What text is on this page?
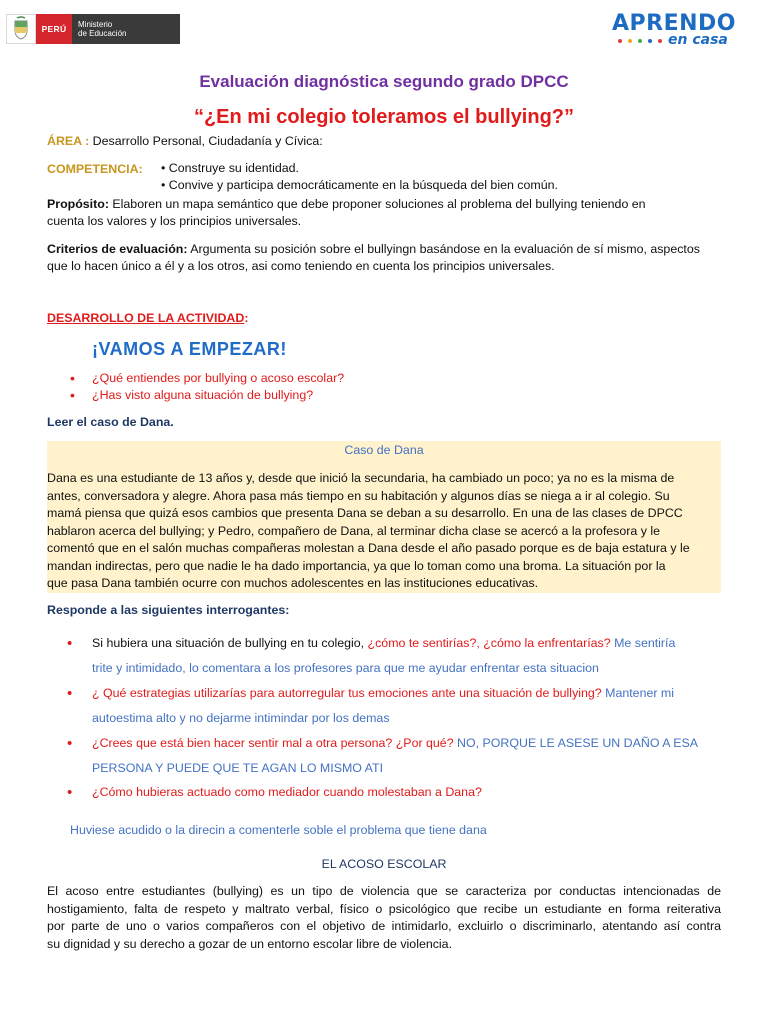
PERÚ	Ministerio
de Educación	APRENDO
en casa
Evaluación diagnóstica segundo grado DPCC
“¿En mi colegio toleramos el bullying?”
ÁREA : Desarrollo Personal, Ciudadanía y Cívica:
COMPETENCIA:	• Construye su identidad.
• Convive y participa democráticamente en la búsqueda del bien común.
Propósito: Elaboren un mapa semántico que debe proponer soluciones al problema del bullying teniendo en
cuenta los valores y los principios universales.
Criterios de evaluación: Argumenta su posición sobre el bullyingn basándose en la evaluación de sí mismo, aspectos
que lo hacen único a él y a los otros, asi como teniendo en cuenta los principios universales.
DESARROLLO DE LA ACTIVIDAD:
¡VAMOS A EMPEZAR!
• ¿Qué entiendes por bullying o acoso escolar?
• ¿Has visto alguna situación de bullying?
Leer el caso de Dana.
Caso de Dana
Dana es una estudiante de 13 años y, desde que inició la secundaria, ha cambiado un poco; ya no es la misma de
antes, conversadora y alegre. Ahora pasa más tiempo en su habitación y algunos días se niega a ir al colegio. Su
mamá piensa que quizá esos cambios que presenta Dana se deban a su desarrollo. En una de las clases de DPCC
hablaron acerca del bullying; y Pedro, compañero de Dana, al terminar dicha clase se acercó a la profesora y le
comentó que en el salón muchas compañeras molestan a Dana desde el año pasado porque es de baja estatura y le
mandan indirectas, pero que nadie le ha dado importancia, ya que lo toman como una broma. La situación por la
que pasa Dana también ocurre con muchos adolescentes en las instituciones educativas.
Responde a las siguientes interrogantes:
•	Si hubiera una situación de bullying en tu colegio, ¿cómo te sentirías?, ¿cómo la enfrentarías? Me sentiría
trite y intimidado, lo comentara a los profesores para que me ayudar enfrentar esta situacion
•	¿ Qué estrategias utilizarías para autorregular tus emociones ante una situación de bullying? Mantener mi
autoestima alto y no dejarme intimindar por los demas
•	¿Crees que está bien hacer sentir mal a otra persona? ¿Por qué? NO, PORQUE LE ASESE UN DAÑO A ESA
PERSONA Y PUEDE QUE TE AGAN LO MISMO ATI
•	¿Cómo hubieras actuado como mediador cuando molestaban a Dana?
Huviese acudido o la direcin a comenterle soble el problema que tiene dana
EL ACOSO ESCOLAR
El acoso entre estudiantes (bullying) es un tipo de violencia que se caracteriza por conductas intencionadas de
hostigamiento, falta de respeto y maltrato verbal, físico o psicológico que recibe un estudiante en forma reiterativa
por parte de uno o varios compañeros con el objetivo de intimidarlo, excluirlo o discriminarlo, atentando así contra
su dignidad y su derecho a gozar de un entorno escolar libre de violencia.
